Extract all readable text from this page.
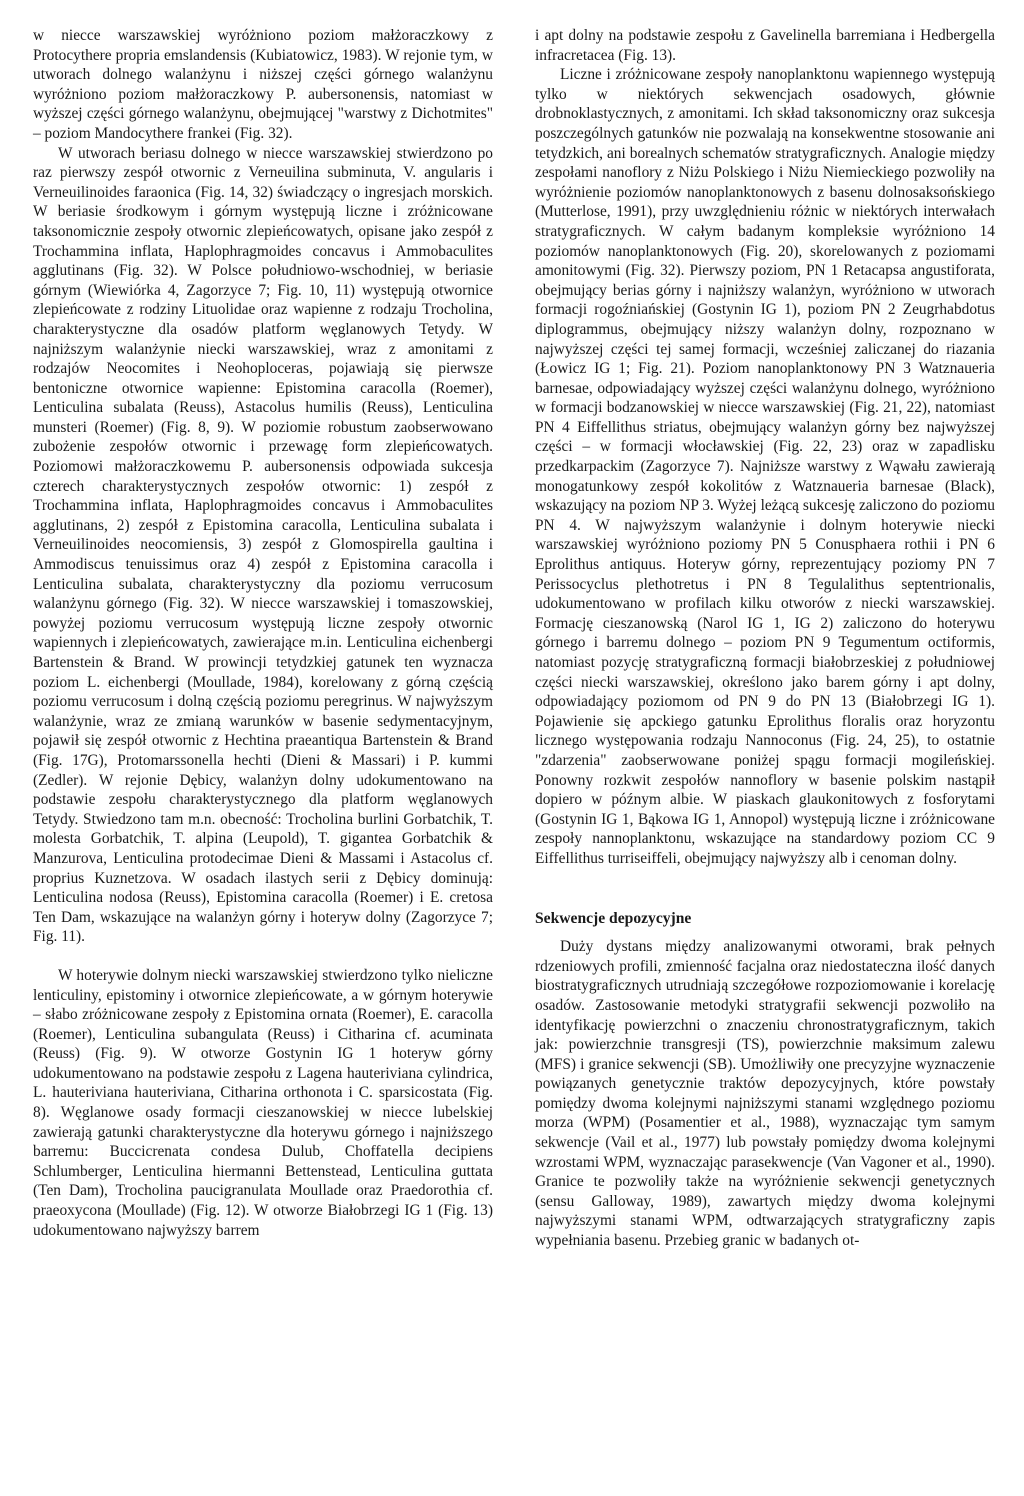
w niecce warszawskiej wyróżniono poziom małżoraczkowy z Protocythere propria emslandensis (Kubiatowicz, 1983). W rejonie tym, w utworach dolnego walanżynu i niższej części górnego walanżynu wyróżniono poziom małżoraczkowy P. aubersonensis, natomiast w wyższej części górnego walanżynu, obejmującej "warstwy z Dichotmites" – poziom Mandocythere frankei (Fig. 32).

W utworach beriasu dolnego w niecce warszawskiej stwierdzono po raz pierwszy zespół otwornic z Verneuilina subminuta, V. angularis i Verneuilinoides faraonica (Fig. 14, 32) świadczący o ingresjach morskich. W beriasie środkowym i górnym występują liczne i zróżnicowane taksonomicznie zespoły otwornic zlepieńcowatych, opisane jako zespół z Trochammina inflata, Haplophragmoides concavus i Ammobaculites agglutinans (Fig. 32). W Polsce południowo-wschodniej, w beriasie górnym (Wiewiórka 4, Zagorzyce 7; Fig. 10, 11) występują otwornice zlepieńcowate z rodziny Lituolidae oraz wapienne z rodzaju Trocholina, charakterystyczne dla osadów platform węglanowych Tetydy. W najniższym walanżynie niecki warszawskiej, wraz z amonitami z rodzajów Neocomites i Neohoploceras, pojawiają się pierwsze bentoniczne otwornice wapienne: Epistomina caracolla (Roemer), Lenticulina subalata (Reuss), Astacolus humilis (Reuss), Lenticulina munsteri (Roemer) (Fig. 8, 9). W poziomie robustum zaobserwowano zubożenie zespołów otwornic i przewagę form zlepieńcowatych. Poziomowi małżoraczkowemu P. aubersonensis odpowiada sukcesja czterech charakterystycznych zespołów otwornic: 1) zespół z Trochammina inflata, Haplophragmoides concavus i Ammobaculites agglutinans, 2) zespół z Epistomina caracolla, Lenticulina subalata i Verneuilinoides neocomiensis, 3) zespół z Glomospirella gaultina i Ammodiscus tenuissimus oraz 4) zespół z Epistomina caracolla i Lenticulina subalata, charakterystyczny dla poziomu verrucosum walanżynu górnego (Fig. 32). W niecce warszawskiej i tomaszowskiej, powyżej poziomu verrucosum występują liczne zespoły otwornic wapiennych i zlepieńcowatych, zawierające m.in. Lenticulina eichenbergi Bartenstein & Brand. W prowincji tetydzkiej gatunek ten wyznacza poziom L. eichenbergi (Moullade, 1984), korelowany z górną częścią poziomu verrucosum i dolną częścią poziomu peregrinus. W najwyższym walanżynie, wraz ze zmianą warunków w basenie sedymentacyjnym, pojawił się zespół otwornic z Hechtina praeantiqua Bartenstein & Brand (Fig. 17G), Protomarssonella hechti (Dieni & Massari) i P. kummi (Zedler). W rejonie Dębicy, walanżyn dolny udokumentowano na podstawie zespołu charakterystycznego dla platform węglanowych Tetydy. Stwiedzono tam m.n. obecność: Trocholina burlini Gorbatchik, T. molesta Gorbatchik, T. alpina (Leupold), T. gigantea Gorbatchik & Manzurova, Lenticulina protodecimae Dieni & Massami i Astacolus cf. proprius Kuznetzova. W osadach ilastych serii z Dębicy dominują: Lenticulina nodosa (Reuss), Epistomina caracolla (Roemer) i E. cretosa Ten Dam, wskazujące na walanżyn górny i hoteryw dolny (Zagorzyce 7; Fig. 11).

W hoterywie dolnym niecki warszawskiej stwierdzono tylko nieliczne lenticuliny, epistominy i otwornice zlepieńcowate, a w górnym hoterywie – słabo zróżnicowane zespoły z Epistomina ornata (Roemer), E. caracolla (Roemer), Lenticulina subangulata (Reuss) i Citharina cf. acuminata (Reuss) (Fig. 9). W otworze Gostynin IG 1 hoteryw górny udokumentowano na podstawie zespołu z Lagena hauteriviana cylindrica, L. hauteriviana hauteriviana, Citharina orthonota i C. sparsicostata (Fig. 8). Węglanowe osady formacji cieszanowskiej w niecce lubelskiej zawierają gatunki charakterystyczne dla hoterywu górnego i najniższego barremu: Buccicrenata condesa Dulub, Choffatella decipiens Schlumberger, Lenticulina hiermanni Bettenstead, Lenticulina guttata (Ten Dam), Trocholina paucigranulata Moullade oraz Praedorothia cf. praeoxycona (Moullade) (Fig. 12). W otworze Białobrzegi IG 1 (Fig. 13) udokumentowano najwyższy barrem

i apt dolny na podstawie zespołu z Gavelinella barremiana i Hedbergella infracretacea (Fig. 13).

Liczne i zróżnicowane zespoły nanoplanktonu wapiennego występują tylko w niektórych sekwencjach osadowych, głównie drobnoklastycznych, z amonitami. Ich skład taksonomiczny oraz sukcesja poszczególnych gatunków nie pozwalają na konsekwentne stosowanie ani tetydzkich, ani borealnych schematów stratygraficznych. Analogie między zespołami nanoflory z Niżu Polskiego i Niżu Niemieckiego pozwoliły na wyróżnienie poziomów nanoplanktonowych z basenu dolnosaksońskiego (Mutterlose, 1991), przy uwzględnieniu różnic w niektórych interwałach stratygraficznych. W całym badanym kompleksie wyróżniono 14 poziomów nanoplanktonowych (Fig. 20), skorelowanych z poziomami amonitowymi (Fig. 32). Pierwszy poziom, PN 1 Retacapsa angustiforata, obejmujący berias górny i najniższy walanżyn, wyróżniono w utworach formacji rogoźniańskiej (Gostynin IG 1), poziom PN 2 Zeugrhabdotus diplogrammus, obejmujący niższy walanżyn dolny, rozpoznano w najwyższej części tej samej formacji, wcześniej zaliczanej do riazania (Łowicz IG 1; Fig. 21). Poziom nanoplanktonowy PN 3 Watznaueria barnesae, odpowiadający wyższej części walanżynu dolnego, wyróżniono w formacji bodzanowskiej w niecce warszawskiej (Fig. 21, 22), natomiast PN 4 Eiffellithus striatus, obejmujący walanżyn górny bez najwyższej części – w formacji włocławskiej (Fig. 22, 23) oraz w zapadlisku przedkarpackim (Zagorzyce 7). Najniższe warstwy z Wąwału zawierają monogatunkowy zespół kokolitów z Watznaueria barnesae (Black), wskazujący na poziom NP 3. Wyżej leżącą sukcesję zaliczono do poziomu PN 4. W najwyższym walanżynie i dolnym hoterywie niecki warszawskiej wyróżniono poziomy PN 5 Conusphaera rothii i PN 6 Eprolithus antiquus. Hoteryw górny, reprezentujący poziomy PN 7 Perissocyclus plethotretus i PN 8 Tegulalithus septentrionalis, udokumentowano w profilach kilku otworów z niecki warszawskiej. Formację cieszanowską (Narol IG 1, IG 2) zaliczono do hoterywu górnego i barremu dolnego – poziom PN 9 Tegumentum octiformis, natomiast pozycję stratygraficzną formacji białobrzeskiej z południowej części niecki warszawskiej, określono jako barem górny i apt dolny, odpowiadający poziomom od PN 9 do PN 13 (Białobrzegi IG 1). Pojawienie się apckiego gatunku Eprolithus floralis oraz horyzontu licznego występowania rodzaju Nannoconus (Fig. 24, 25), to ostatnie "zdarzenia" zaobserwowane poniżej spągu formacji mogileńskiej. Ponowny rozkwit zespołów nannoflory w basenie polskim nastąpił dopiero w późnym albie. W piaskach glaukonitowych z fosforytami (Gostynin IG 1, Bąkowa IG 1, Annopol) występują liczne i zróżnicowane zespoły nannoplanktonu, wskazujące na standardowy poziom CC 9 Eiffellithus turriseiffeli, obejmujący najwyższy alb i cenoman dolny.

Sekwencje depozycyjne

Duży dystans między analizowanymi otworami, brak pełnych rdzeniowych profili, zmienność facjalna oraz niedostateczna ilość danych biostratygraficznych utrudniają szczegółowe rozpoziomowanie i korelację osadów. Zastosowanie metodyki stratygrafii sekwencji pozwoliło na identyfikację powierzchni o znaczeniu chronostratygraficznym, takich jak: powierzchnie transgresji (TS), powierzchnie maksimum zalewu (MFS) i granice sekwencji (SB). Umożliwiły one precyzyjne wyznaczenie powiązanych genetycznie traktów depozycyjnych, które powstały pomiędzy dwoma kolejnymi najniższymi stanami względnego poziomu morza (WPM) (Posamentier et al., 1988), wyznaczając tym samym sekwencje (Vail et al., 1977) lub powstały pomiędzy dwoma kolejnymi wzrostami WPM, wyznaczając parasekwencje (Van Vagoner et al., 1990). Granice te pozwoliły także na wyróżnienie sekwencji genetycznych (sensu Galloway, 1989), zawartych między dwoma kolejnymi najwyższymi stanami WPM, odtwarzających stratygraficzny zapis wypełniania basenu. Przebieg granic w badanych ot-
